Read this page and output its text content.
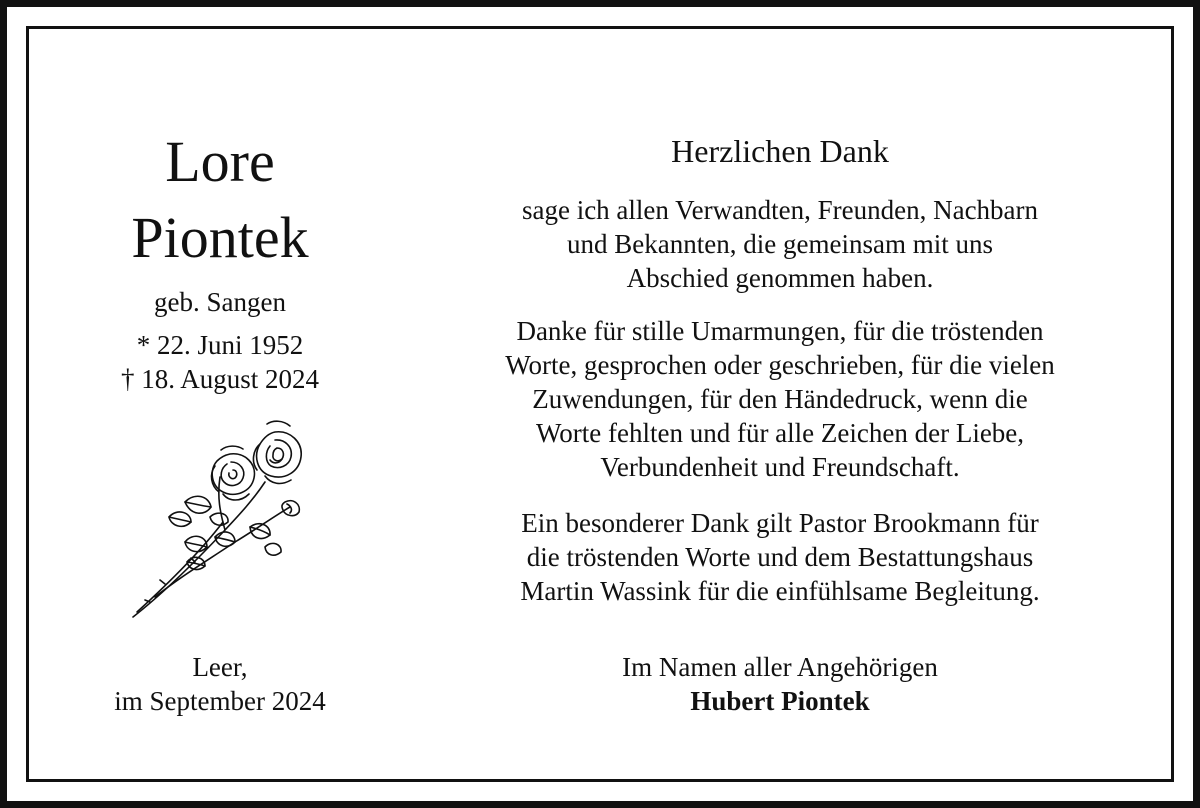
Lore
Piontek
geb. Sangen
* 22. Juni 1952
† 18. August 2024
Leer,
im September 2024
Herzlichen Dank
sage ich allen Verwandten, Freunden, Nachbarn
und Bekannten, die gemeinsam mit uns
Abschied genommen haben.
Danke für stille Umarmungen, für die tröstenden
Worte, gesprochen oder geschrieben, für die vielen
Zuwendungen, für den Händedruck, wenn die
Worte fehlten und für alle Zeichen der Liebe,
Verbundenheit und Freundschaft.
Ein besonderer Dank gilt Pastor Brookmann für
die tröstenden Worte und dem Bestattungshaus
Martin Wassink für die einfühlsame Begleitung.
Im Namen aller Angehörigen
Hubert Piontek
